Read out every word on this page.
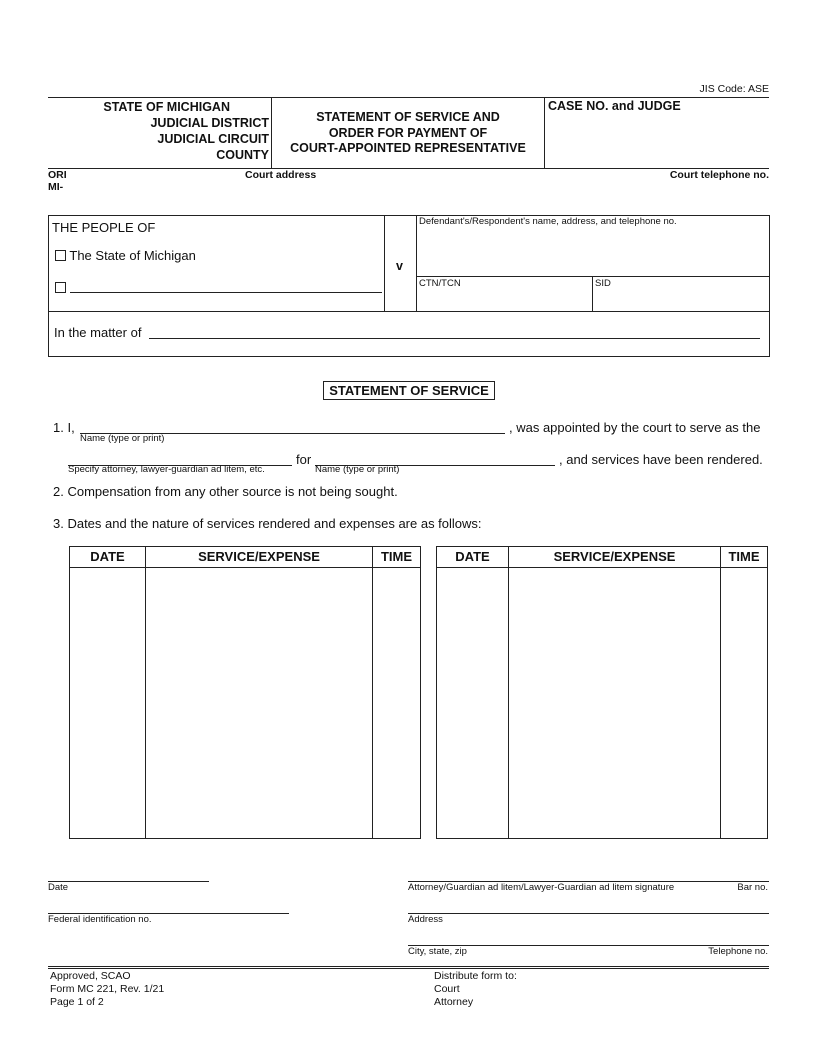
JIS Code: ASE
STATE OF MICHIGAN
JUDICIAL DISTRICT
JUDICIAL CIRCUIT
COUNTY
STATEMENT OF SERVICE AND
ORDER FOR PAYMENT OF
COURT-APPOINTED REPRESENTATIVE
CASE NO. and JUDGE
ORI
MI-
Court address	Court telephone no.
THE PEOPLE OF
The State of Michigan
v
Defendant's/Respondent's name, address, and telephone no.
CTN/TCN	SID
In the matter of
STATEMENT OF SERVICE
1. I,
Name (type or print)
, was appointed by the court to serve as the
Specify attorney, lawyer-guardian ad litem, etc.
for
Name (type or print)
, and services have been rendered.
2. Compensation from any other source is not being sought.
3. Dates and the nature of services rendered and expenses are as follows:
DATE	SERVICE/EXPENSE	TIME	DATE	SERVICE/EXPENSE	TIME
Date	Attorney/Guardian ad litem/Lawyer-Guardian ad litem signature	Bar no.
Federal identification no.	Address
City, state, zip	Telephone no.
Approved, SCAO
Form MC 221, Rev. 1/21
Page 1 of 2
Distribute form to:
Court
Attorney
